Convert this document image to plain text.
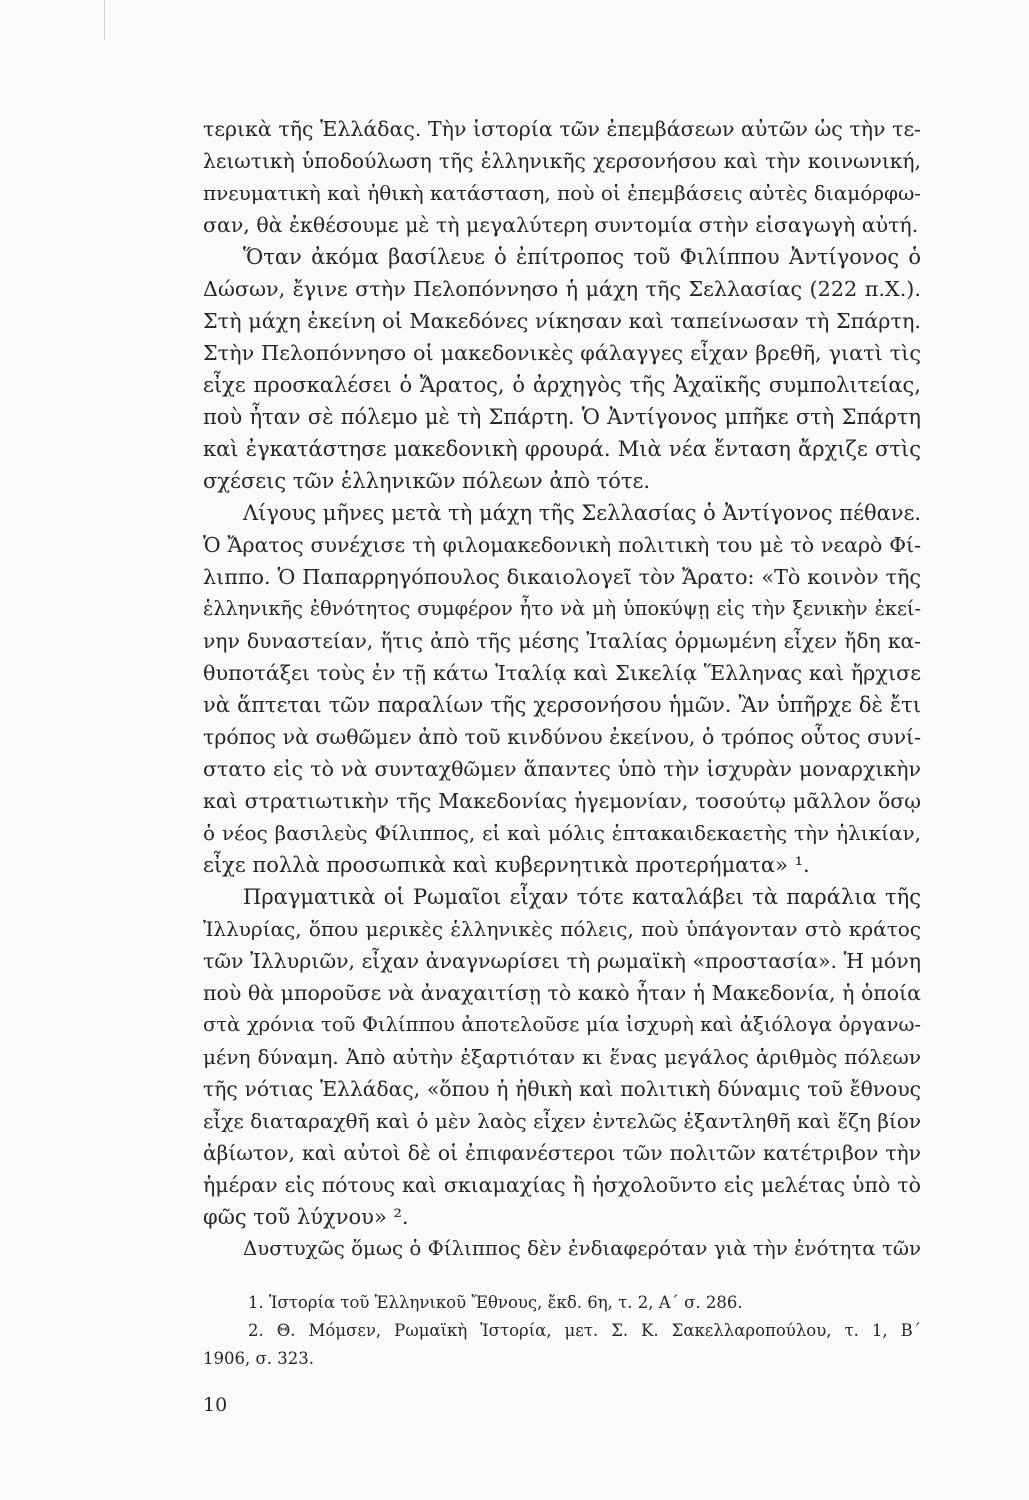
τερικὰ τῆς Ἑλλάδας. Τὴν ἱστορία τῶν ἐπεμβάσεων αὐτῶν ὡς τὴν τε-
λειωτικὴ ὑποδούλωση τῆς ἑλληνικῆς χερσονήσου καὶ τὴν κοινωνική,
πνευματικὴ καὶ ἠθικὴ κατάσταση, ποὺ οἱ ἐπεμβάσεις αὐτὲς διαμόρφω-
σαν, θὰ ἐκθέσουμε μὲ τὴ μεγαλύτερη συντομία στὴν εἰσαγωγὴ αὐτή.
Ὅταν ἀκόμα βασίλευε ὁ ἐπίτροπος τοῦ Φιλίππου Ἀντίγονος ὁ
Δώσων, ἔγινε στὴν Πελοπόννησο ἡ μάχη τῆς Σελλασίας (222 π.Χ.).
Στὴ μάχη ἐκείνη οἱ Μακεδόνες νίκησαν καὶ ταπείνωσαν τὴ Σπάρτη.
Στὴν Πελοπόννησο οἱ μακεδονικὲς φάλαγγες εἶχαν βρεθῆ, γιατὶ τὶς
εἶχε προσκαλέσει ὁ Ἄρατος, ὁ ἀρχηγὸς τῆς Ἀχαϊκῆς συμπολιτείας,
ποὺ ἦταν σὲ πόλεμο μὲ τὴ Σπάρτη. Ὁ Ἀντίγονος μπῆκε στὴ Σπάρτη
καὶ ἐγκατάστησε μακεδονικὴ φρουρά. Μιὰ νέα ἔνταση ἄρχιζε στὶς
σχέσεις τῶν ἑλληνικῶν πόλεων ἀπὸ τότε.
Λίγους μῆνες μετὰ τὴ μάχη τῆς Σελλασίας ὁ Ἀντίγονος πέθανε.
Ὁ Ἄρατος συνέχισε τὴ φιλομακεδονικὴ πολιτικὴ του μὲ τὸ νεαρὸ Φί-
λιππο. Ὁ Παπαρρηγόπουλος δικαιολογεῖ τὸν Ἄρατο: «Τὸ κοινὸν τῆς
ἑλληνικῆς ἐθνότητος συμφέρον ἦτο νὰ μὴ ὑποκύψῃ εἰς τὴν ξενικὴν ἐκεί-
νην δυναστείαν, ἥτις ἀπὸ τῆς μέσης Ἰταλίας ὁρμωμένη εἶχεν ἤδη κα-
θυποτάξει τοὺς ἐν τῇ κάτω Ἰταλίᾳ καὶ Σικελίᾳ Ἕλληνας καὶ ἤρχισε
νὰ ἅπτεται τῶν παραλίων τῆς χερσονήσου ἡμῶν. Ἂν ὑπῆρχε δὲ ἔτι
τρόπος νὰ σωθῶμεν ἀπὸ τοῦ κινδύνου ἐκείνου, ὁ τρόπος οὗτος συνί-
στατο εἰς τὸ νὰ συνταχθῶμεν ἅπαντες ὑπὸ τὴν ἰσχυρὰν μοναρχικὴν
καὶ στρατιωτικὴν τῆς Μακεδονίας ἡγεμονίαν, τοσούτῳ μᾶλλον ὅσῳ
ὁ νέος βασιλεὺς Φίλιππος, εἰ καὶ μόλις ἑπτακαιδεκαετὴς τὴν ἡλικίαν,
εἶχε πολλὰ προσωπικὰ καὶ κυβερνητικὰ προτερήματα» ¹.
Πραγματικὰ οἱ Ρωμαῖοι εἶχαν τότε καταλάβει τὰ παράλια τῆς
Ἰλλυρίας, ὅπου μερικὲς ἑλληνικὲς πόλεις, ποὺ ὑπάγονταν στὸ κράτος
τῶν Ἰλλυριῶν, εἶχαν ἀναγνωρίσει τὴ ρωμαϊκὴ «προστασία». Ἡ μόνη
ποὺ θὰ μποροῦσε νὰ ἀναχαιτίσῃ τὸ κακὸ ἦταν ἡ Μακεδονία, ἡ ὁποία
στὰ χρόνια τοῦ Φιλίππου ἀποτελοῦσε μία ἰσχυρὴ καὶ ἀξιόλογα ὀργανω-
μένη δύναμη. Ἀπὸ αὐτὴν ἐξαρτιόταν κι ἕνας μεγάλος ἀριθμὸς πόλεων
τῆς νότιας Ἑλλάδας, «ὅπου ἡ ἠθικὴ καὶ πολιτικὴ δύναμις τοῦ ἔθνους
εἶχε διαταραχθῆ καὶ ὁ μὲν λαὸς εἶχεν ἐντελῶς ἐξαντληθῆ καὶ ἔζη βίον
ἀβίωτον, καὶ αὐτοὶ δὲ οἱ ἐπιφανέστεροι τῶν πολιτῶν κατέτριβον τὴν
ἡμέραν εἰς πότους καὶ σκιαμαχίας ἢ ἠσχολοῦντο εἰς μελέτας ὑπὸ τὸ
φῶς τοῦ λύχνου» ².
Δυστυχῶς ὅμως ὁ Φίλιππος δὲν ἐνδιαφερόταν γιὰ τὴν ἑνότητα τῶν
1. Ἱστορία τοῦ Ἑλληνικοῦ Ἔθνους, ἔκδ. 6η, τ. 2, Α΄ σ. 286.
2. Θ. Μόμσεν, Ρωμαϊκὴ Ἱστορία, μετ. Σ. Κ. Σακελλαροπούλου, τ. 1, Β΄
1906, σ. 323.
10
